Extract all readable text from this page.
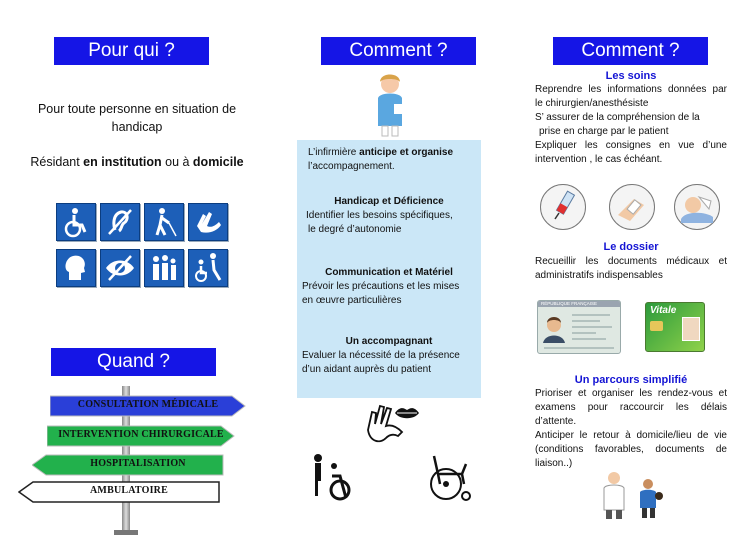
Pour qui ?
Pour toute personne en situation de
handicap
Résidant en institution ou à domicile
Quand ?
CONSULTATION MÉDICALE
INTERVENTION CHIRURGICALE
HOSPITALISATION
AMBULATOIRE
Comment ?
L’infirmière anticipe et organise
l’accompagnement.
Handicap et Déficience
Identifier les besoins spécifiques,
le degré d’autonomie
Communication et Matériel
Prévoir les précautions et les mises
en œuvre particulières
Un accompagnant
Evaluer la nécessité de la présence
d’un aidant auprès du patient
Comment ?
Les soins
Reprendre les informations données par
le chirurgien/anesthésiste
S’ assurer de la compréhension de la
prise en charge par le patient
Expliquer les consignes en vue d’une
intervention , le cas échéant.
Le dossier
Recueillir les documents médicaux et
administratifs indispensables
RÉPUBLIQUE FRANÇAISE
Vitale
Un parcours simplifié
Prioriser et organiser les rendez-vous et
examens pour raccourcir les délais
d’attente.
Anticiper le retour à domicile/lieu de vie
(conditions favorables, documents de
liaison..)
